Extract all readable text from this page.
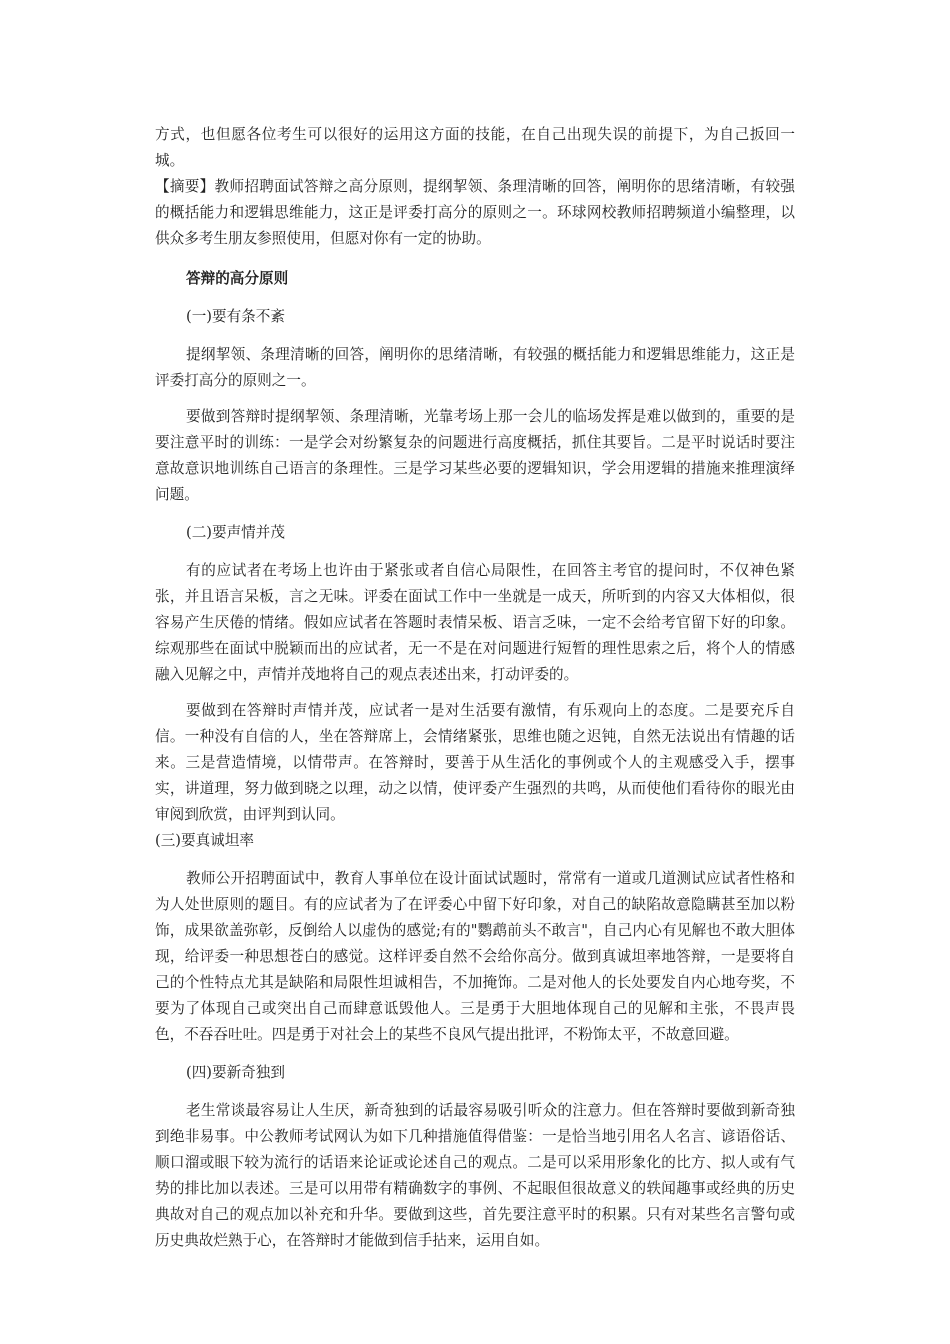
方式，也但愿各位考生可以很好的运用这方面的技能，在自己出现失误的前提下，为自己扳回一城。

【摘要】教师招聘面试答辩之高分原则，提纲挈领、条理清晰的回答，阐明你的思绪清晰，有较强的概括能力和逻辑思维能力，这正是评委打高分的原则之一。环球网校教师招聘频道小编整理，以供众多考生朋友参照使用，但愿对你有一定的协助。

答辩的高分原则

(一)要有条不紊

提纲挈领、条理清晰的回答，阐明你的思绪清晰，有较强的概括能力和逻辑思维能力，这正是评委打高分的原则之一。

要做到答辩时提纲挈领、条理清晰，光靠考场上那一会儿的临场发挥是难以做到的，重要的是要注意平时的训练：一是学会对纷繁复杂的问题进行高度概括，抓住其要旨。二是平时说话时要注意故意识地训练自己语言的条理性。三是学习某些必要的逻辑知识，学会用逻辑的措施来推理演绎问题。

(二)要声情并茂

有的应试者在考场上也许由于紧张或者自信心局限性，在回答主考官的提问时，不仅神色紧张，并且语言呆板，言之无味。评委在面试工作中一坐就是一成天，所听到的内容又大体相似，很容易产生厌倦的情绪。假如应试者在答题时表情呆板、语言乏味，一定不会给考官留下好的印象。综观那些在面试中脱颖而出的应试者，无一不是在对问题进行短暂的理性思索之后，将个人的情感融入见解之中，声情并茂地将自己的观点表述出来，打动评委的。

要做到在答辩时声情并茂，应试者一是对生活要有激情，有乐观向上的态度。二是要充斥自信。一种没有自信的人，坐在答辩席上，会情绪紧张，思维也随之迟钝，自然无法说出有情趣的话来。三是营造情境，以情带声。在答辩时，要善于从生活化的事例或个人的主观感受入手，摆事实，讲道理，努力做到晓之以理，动之以情，使评委产生强烈的共鸣，从而使他们看待你的眼光由审阅到欣赏，由评判到认同。

(三)要真诚坦率

教师公开招聘面试中，教育人事单位在设计面试试题时，常常有一道或几道测试应试者性格和为人处世原则的题目。有的应试者为了在评委心中留下好印象，对自己的缺陷故意隐瞒甚至加以粉饰，成果欲盖弥彰，反倒给人以虚伪的感觉;有的"鹦鹉前头不敢言"，自己内心有见解也不敢大胆体现，给评委一种思想苍白的感觉。这样评委自然不会给你高分。做到真诚坦率地答辩，一是要将自己的个性特点尤其是缺陷和局限性坦诚相告，不加掩饰。二是对他人的长处要发自内心地夸奖，不要为了体现自己或突出自己而肆意诋毁他人。三是勇于大胆地体现自己的见解和主张，不畏声畏色，不吞吞吐吐。四是勇于对社会上的某些不良风气提出批评，不粉饰太平，不故意回避。

(四)要新奇独到

老生常谈最容易让人生厌，新奇独到的话最容易吸引听众的注意力。但在答辩时要做到新奇独到绝非易事。中公教师考试网认为如下几种措施值得借鉴：一是恰当地引用名人名言、谚语俗话、顺口溜或眼下较为流行的话语来论证或论述自己的观点。二是可以采用形象化的比方、拟人或有气势的排比加以表述。三是可以用带有精确数字的事例、不起眼但很故意义的轶闻趣事或经典的历史典故对自己的观点加以补充和升华。要做到这些，首先要注意平时的积累。只有对某些名言警句或历史典故烂熟于心，在答辩时才能做到信手拈来，运用自如。
